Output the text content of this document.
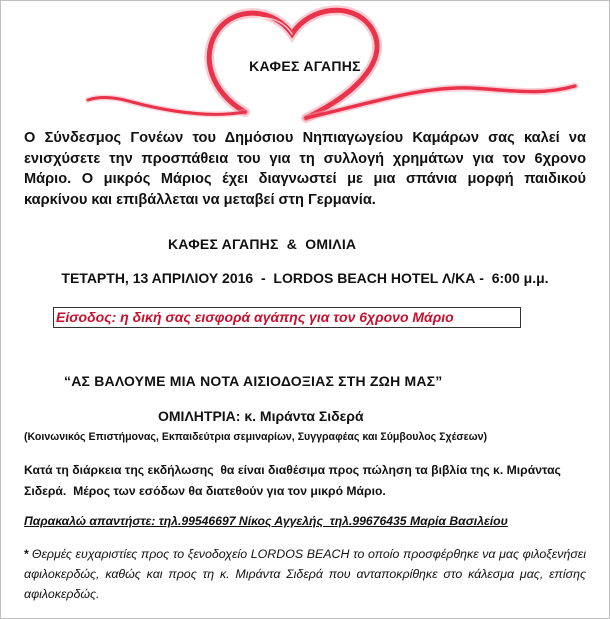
ΚΑΦΕΣ ΑΓΑΠΗΣ
Ο Σύνδεσμος Γονέων του Δημόσιου Νηπιαγωγείου Καμάρων σας καλεί να ενισχύσετε την προσπάθεια του για τη συλλογή χρημάτων για τον 6χρονο Μάριο. Ο μικρός Μάριος έχει διαγνωστεί με μια σπάνια μορφή παιδικού καρκίνου και επιβάλλεται να μεταβεί στη Γερμανία.
ΚΑΦΕΣ ΑΓΑΠΗΣ  &  ΟΜΙΛΙΑ
ΤΕΤΑΡΤΗ, 13 ΑΠΡΙΛΙΟΥ 2016  -  LORDOS BEACH HOTEL Λ/ΚΑ -  6:00 μ.μ.
Είσοδος: η δική σας εισφορά αγάπης για τον 6χρονο Μάριο
“ΑΣ ΒΑΛΟΥΜΕ ΜΙΑ ΝΟΤΑ ΑΙΣΙΟΔΟΞΙΑΣ ΣΤΗ ΖΩΗ ΜΑΣ”
ΟΜΙΛΗΤΡΙΑ: κ. Μιράντα Σιδερά
(Κοινωνικός Επιστήμονας, Εκπαιδεύτρια σεμιναρίων, Συγγραφέας και Σύμβουλος Σχέσεων)
Κατά τη διάρκεια της εκδήλωσης  θα είναι διαθέσιμα προς πώληση τα βιβλία της κ. Μιράντας Σιδερά.  Μέρος των εσόδων θα διατεθούν για τον μικρό Μάριο.
Παρακαλώ απαντήστε: τηλ.99546697 Νίκος Αγγελής  τηλ.99676435 Μαρία Βασιλείου
* Θερμές ευχαριστίες προς το ξενοδοχείο LORDOS BEACH το οποίο προσφέρθηκε να μας φιλοξενήσει αφιλοκερδώς, καθώς και προς τη κ. Μιράντα Σιδερά που ανταποκρίθηκε στο κάλεσμα μας, επίσης αφιλοκερδώς.
